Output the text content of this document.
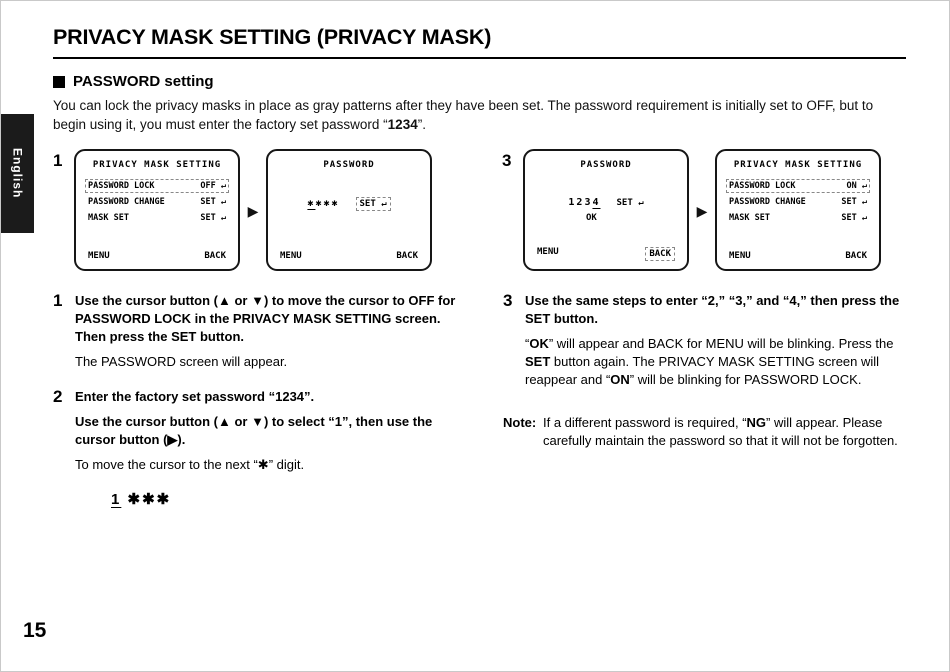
English
PRIVACY MASK SETTING (PRIVACY MASK)
PASSWORD setting

You can lock the privacy masks in place as gray patterns after they have been set. The password requirement is initially set to OFF, but to begin using it, you must enter the factory set password “1234”.

1	PRIVACY MASK SETTING
PASSWORD LOCK	OFF ↵
PASSWORD CHANGE	SET ↵
MASK SET	SET ↵
MENU	BACK
▶
PASSWORD
✱✱✱✱	SET ↵
MENU	BACK
3	PASSWORD
1234 SET ↵
OK
MENU	BACK
▶
PRIVACY MASK SETTING
PASSWORD LOCK	ON ↵
PASSWORD CHANGE	SET ↵
MASK SET	SET ↵
MENU	BACK
1 Use the cursor button (▲ or ▼) to move the cursor to OFF for PASSWORD LOCK in the PRIVACY MASK SETTING screen. Then press the SET button.

The PASSWORD screen will appear.

2 Enter the factory set password “1234”.

Use the cursor button (▲ or ▼) to select “1”, then use the cursor button (▶).

To move the cursor to the next “✱” digit.

1 ✱✱✱
3 Use the same steps to enter “2,” “3,” and “4,” then press the SET button.

“OK” will appear and BACK for MENU will be blinking. Press the SET button again. The PRIVACY MASK SETTING screen will reappear and “ON” will be blinking for PASSWORD LOCK.

Note: If a different password is required, “NG” will appear. Please carefully maintain the password so that it will not be forgotten.
15
